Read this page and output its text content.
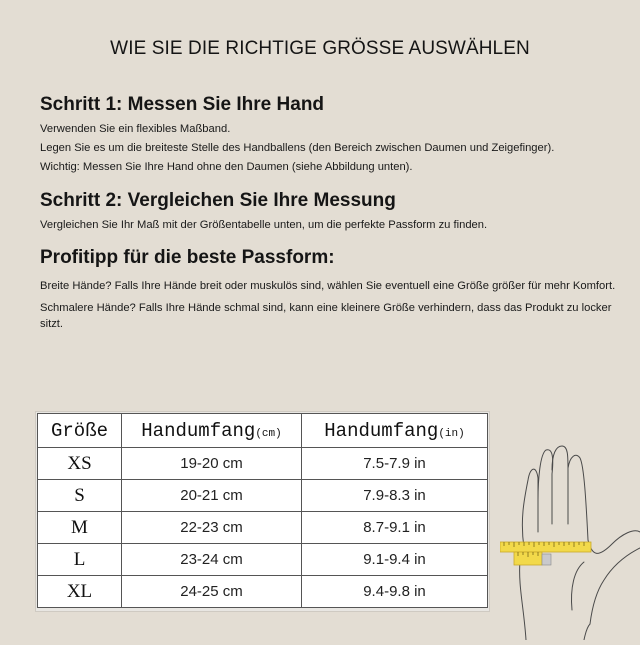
WIE SIE DIE RICHTIGE GRÖSSE AUSWÄHLEN
Schritt 1: Messen Sie Ihre Hand

Verwenden Sie ein flexibles Maßband.

Legen Sie es um die breiteste Stelle des Handballens (den Bereich zwischen Daumen und Zeigefinger).

Wichtig: Messen Sie Ihre Hand ohne den Daumen (siehe Abbildung unten).

Schritt 2: Vergleichen Sie Ihre Messung

Vergleichen Sie Ihr Maß mit der Größentabelle unten, um die perfekte Passform zu finden.

Profitipp für die beste Passform:

Breite Hände? Falls Ihre Hände breit oder muskulös sind, wählen Sie eventuell eine Größe größer für mehr Komfort.

Schmalere Hände? Falls Ihre Hände schmal sind, kann eine kleinere Größe verhindern, dass das Produkt zu locker sitzt.

Größe	Handumfang(cm)	Handumfang(in)
XS	19-20 cm	7.5-7.9 in
S	20-21 cm	7.9-8.3 in
M	22-23 cm	8.7-9.1 in
L	23-24 cm	9.1-9.4 in
XL	24-25 cm	9.4-9.8 in
